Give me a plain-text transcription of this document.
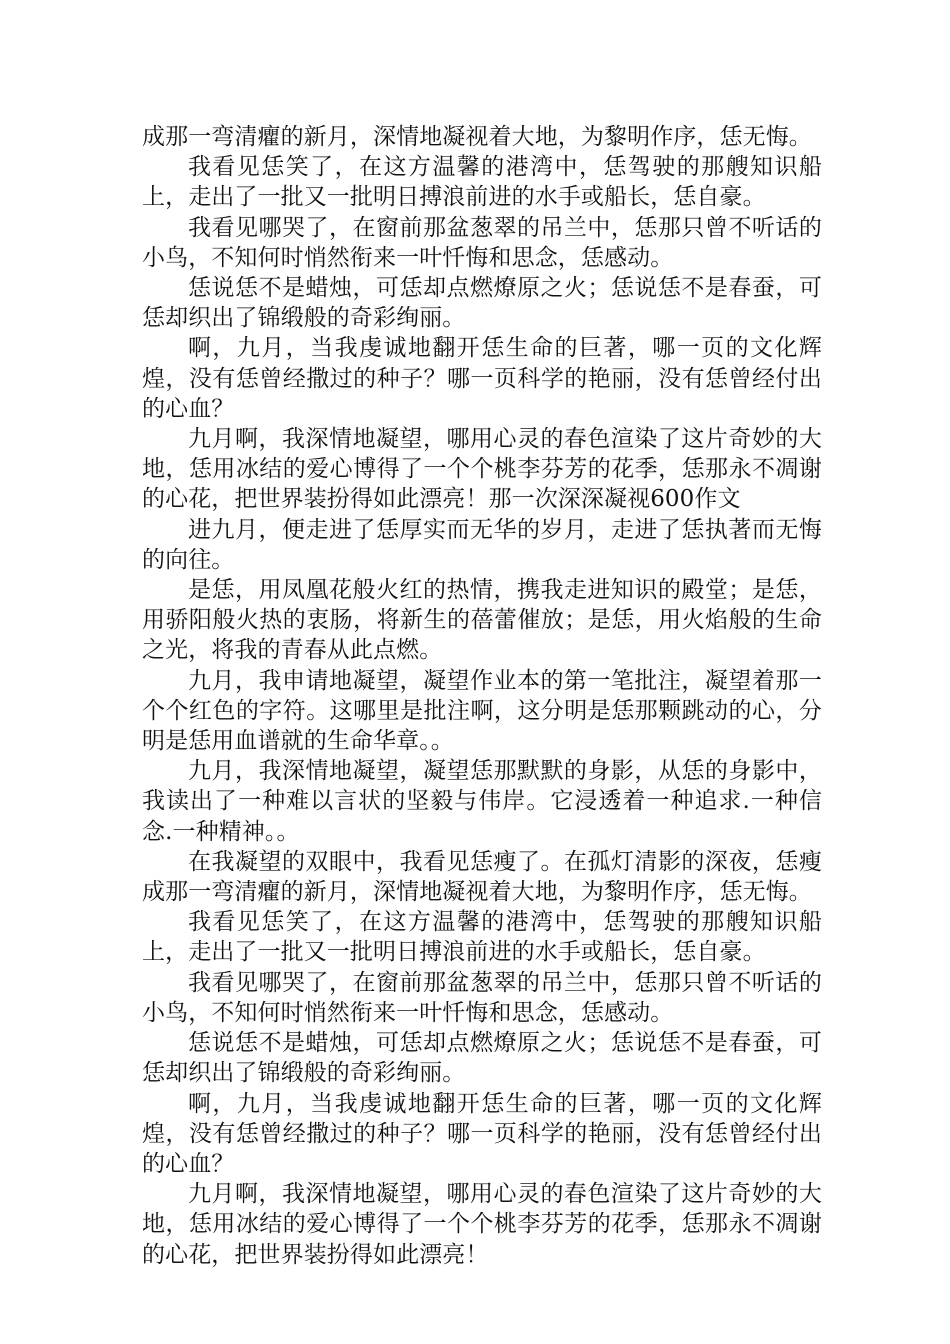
成那一弯清癯的新月，深情地凝视着大地，为黎明作序，恁无悔。

我看见恁笑了，在这方温馨的港湾中，恁驾驶的那艘知识船上，走出了一批又一批明日搏浪前进的水手或船长，恁自豪。

我看见哪哭了，在窗前那盆葱翠的吊兰中，恁那只曾不听话的小鸟，不知何时悄然衔来一叶忏悔和思念，恁感动。

恁说恁不是蜡烛，可恁却点燃燎原之火；恁说恁不是春蚕，可恁却织出了锦缎般的奇彩绚丽。

啊，九月，当我虔诚地翻开恁生命的巨著，哪一页的文化辉煌，没有恁曾经撒过的种子？哪一页科学的艳丽，没有恁曾经付出的心血？

九月啊，我深情地凝望，哪用心灵的春色渲染了这片奇妙的大地，恁用冰结的爱心博得了一个个桃李芬芳的花季，恁那永不凋谢的心花，把世界装扮得如此漂亮！那一次深深凝视600作文

进九月，便走进了恁厚实而无华的岁月，走进了恁执著而无悔的向往。

是恁，用凤凰花般火红的热情，携我走进知识的殿堂；是恁，用骄阳般火热的衷肠，将新生的蓓蕾催放；是恁，用火焰般的生命之光，将我的青春从此点燃。

九月，我申请地凝望，凝望作业本的第一笔批注，凝望着那一个个红色的字符。这哪里是批注啊，这分明是恁那颗跳动的心，分明是恁用血谱就的生命华章。。

九月，我深情地凝望，凝望恁那默默的身影，从恁的身影中，我读出了一种难以言状的坚毅与伟岸。它浸透着一种追求.一种信念.一种精神。。

在我凝望的双眼中，我看见恁瘦了。在孤灯清影的深夜，恁瘦成那一弯清癯的新月，深情地凝视着大地，为黎明作序，恁无悔。

我看见恁笑了，在这方温馨的港湾中，恁驾驶的那艘知识船上，走出了一批又一批明日搏浪前进的水手或船长，恁自豪。

我看见哪哭了，在窗前那盆葱翠的吊兰中，恁那只曾不听话的小鸟，不知何时悄然衔来一叶忏悔和思念，恁感动。

恁说恁不是蜡烛，可恁却点燃燎原之火；恁说恁不是春蚕，可恁却织出了锦缎般的奇彩绚丽。

啊，九月，当我虔诚地翻开恁生命的巨著，哪一页的文化辉煌，没有恁曾经撒过的种子？哪一页科学的艳丽，没有恁曾经付出的心血？

九月啊，我深情地凝望，哪用心灵的春色渲染了这片奇妙的大地，恁用冰结的爱心博得了一个个桃李芬芳的花季，恁那永不凋谢的心花，把世界装扮得如此漂亮！
